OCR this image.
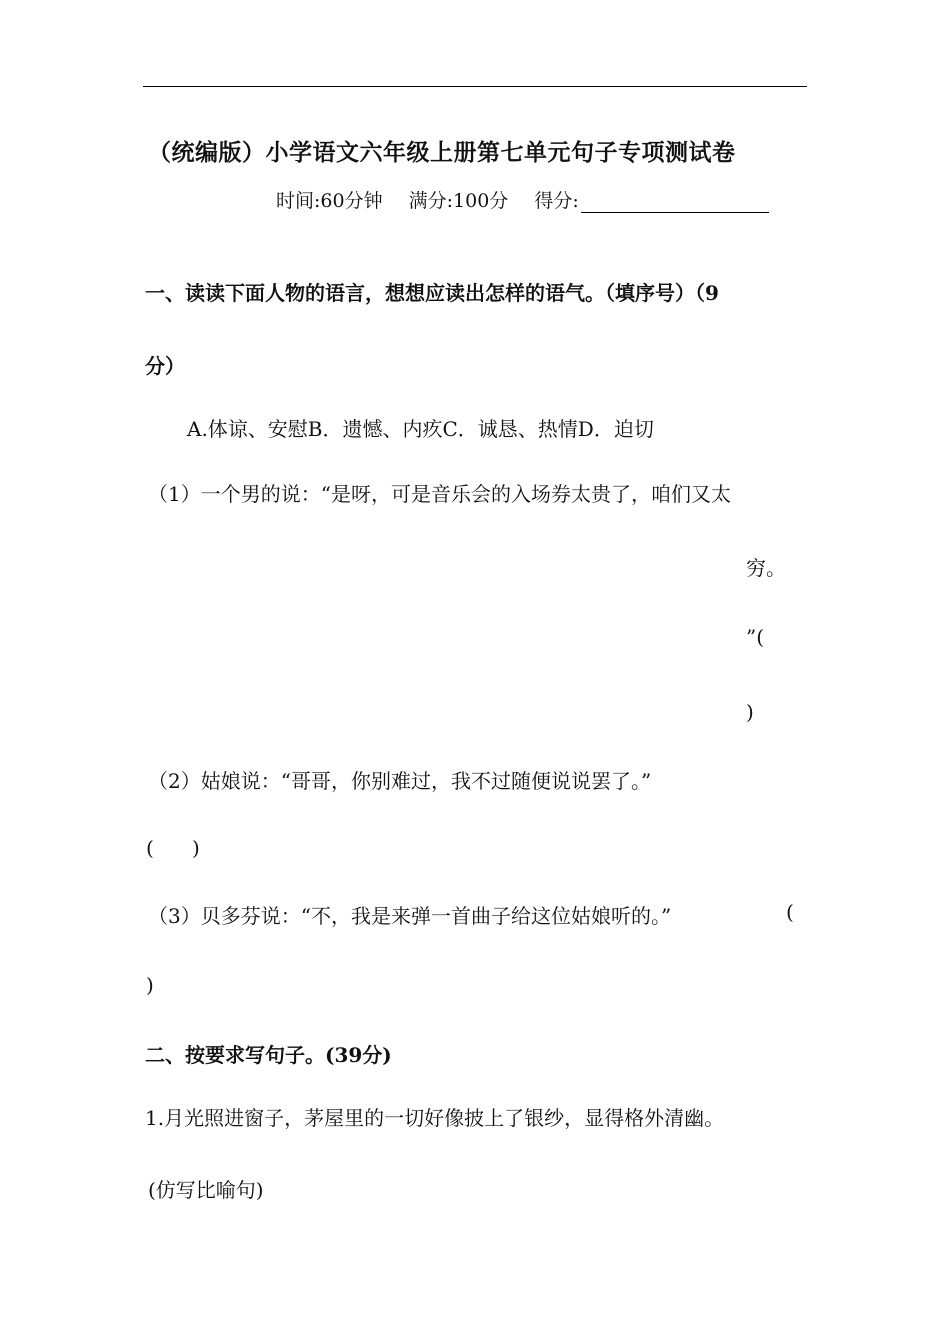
（统编版）小学语文六年级上册第七单元句子专项测试卷
时间:60分钟 满分:100分 得分:
一、读读下面人物的语言，想想应读出怎样的语气。（填序号）（9
分）
A.体谅、安慰B．遗憾、内疚C．诚恳、热情D．迫切
（1）一个男的说：“是呀，可是音乐会的入场券太贵了，咱们又太
穷。
”(
)
（2）姑娘说：“哥哥，你别难过，我不过随便说说罢了。”
(      )
（3）贝多芬说：“不，我是来弹一首曲子给这位姑娘听的。”	(
)
二、按要求写句子。(39分)
1.月光照进窗子，茅屋里的一切好像披上了银纱，显得格外清幽。
(仿写比喻句)
